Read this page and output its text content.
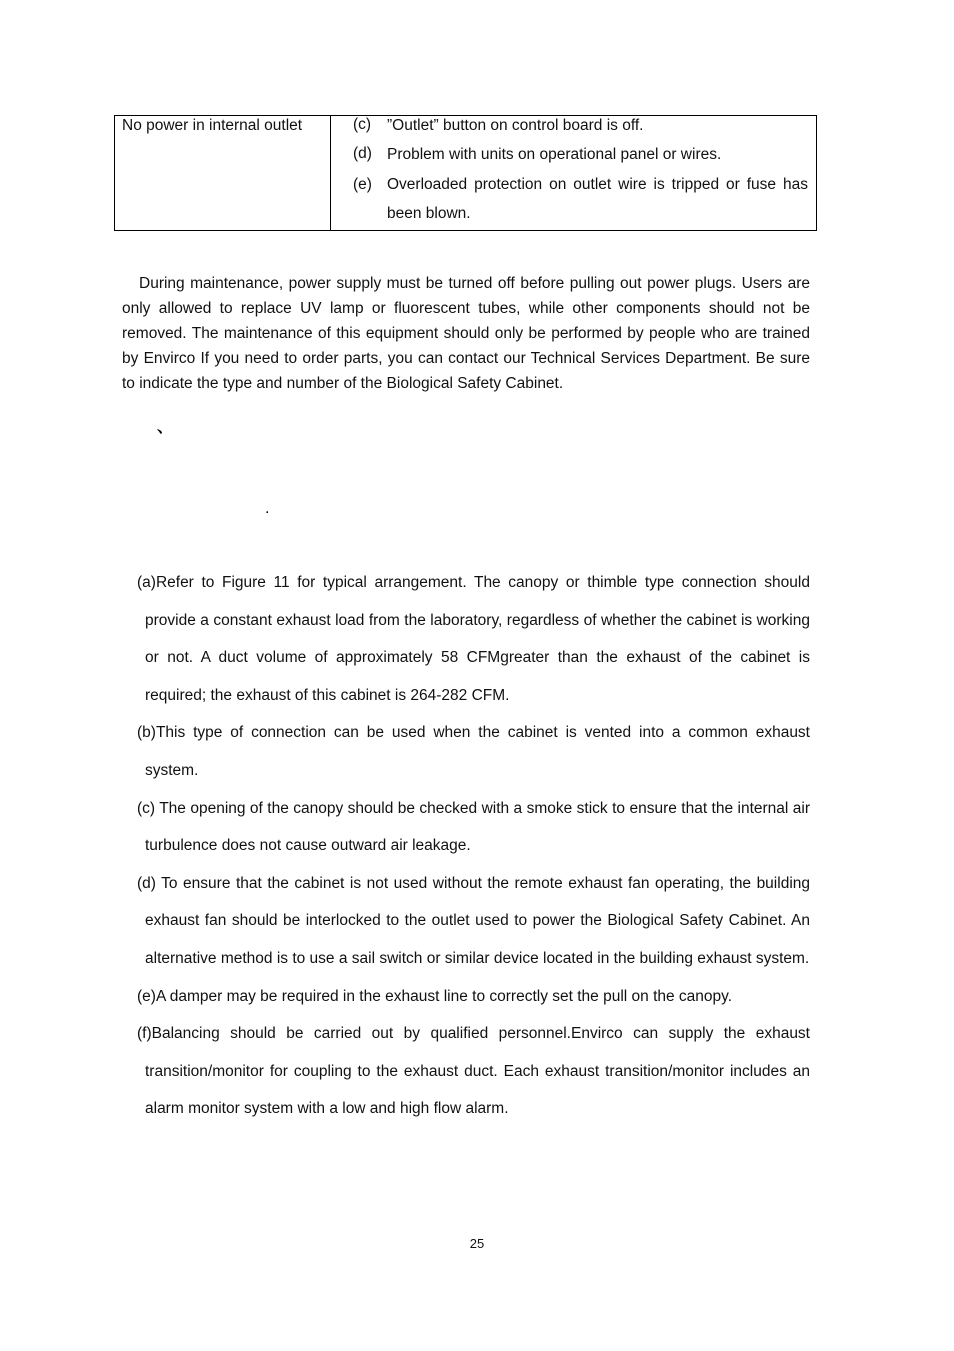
No power in internal outlet	(c)	”Outlet” button on control board is off.
(d) Problem with units on operational panel or wires.
(e) Overloaded protection on outlet wire is tripped or fuse has been blown.

During maintenance, power supply must be turned off before pulling out power plugs. Users are only allowed to replace UV lamp or fluorescent tubes, while other components should not be removed. The maintenance of this equipment should only be performed by people who are trained by Envirco If you need to order parts, you can contact our Technical Services Department. Be sure to indicate the type and number of the Biological Safety Cabinet.

、
.
(a)Refer to Figure 11 for typical arrangement. The canopy or thimble type connection should provide a constant exhaust load from the laboratory, regardless of whether the cabinet is working or not. A duct volume of approximately 58 CFMgreater than the exhaust of the cabinet is required; the exhaust of this cabinet is 264-282 CFM.
(b)This type of connection can be used when the cabinet is vented into a common exhaust system.
(c) The opening of the canopy should be checked with a smoke stick to ensure that the internal air turbulence does not cause outward air leakage.
(d) To ensure that the cabinet is not used without the remote exhaust fan operating, the building exhaust fan should be interlocked to the outlet used to power the Biological Safety Cabinet. An alternative method is to use a sail switch or similar device located in the building exhaust system.
(e)A damper may be required in the exhaust line to correctly set the pull on the canopy.
(f)Balancing should be carried out by qualified personnel.Envirco can supply the exhaust transition/monitor for coupling to the exhaust duct. Each exhaust transition/monitor includes an alarm monitor system with a low and high flow alarm.
25
